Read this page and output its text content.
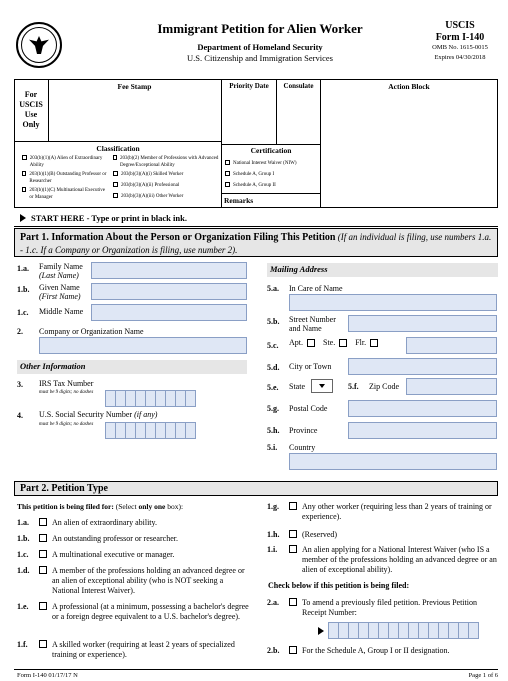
Immigrant Petition for Alien Worker
Department of Homeland Security
U.S. Citizenship and Immigration Services
USCIS
Form I-140
OMB No. 1615-0015
Expires 04/30/2018
For
USCIS
Use
Only
Fee Stamp	Priority Date	Consulate	Action Block
Classification
203(b)(1)(A) Alien of Extraordinary Ability
203(b)(1)(B) Outstanding Professor or Researcher
203(b)(1)(C) Multinational Executive or Manager
203(b)(2) Member of Professions with Advanced Degree/Exceptional Ability
203(b)(3)(A)(i) Skilled Worker
203(b)(3)(A)(ii) Professional
203(b)(3)(A)(iii) Other Worker
Certification
National Interest Waiver (NIW)
Schedule A, Group I
Schedule A, Group II
Remarks
START HERE - Type or print in black ink.
Part 1. Information About the Person or Organization Filing This Petition (If an individual is filing, use numbers 1.a. - 1.c. If a Company or Organization is filing, use number 2).
1.a. Family Name
(Last Name)
1.b. Given Name
(First Name)
1.c. Middle Name
2. Company or Organization Name
Other Information
3. IRS Tax Number
must be 9 digits; no dashes
4. U.S. Social Security Number (if any)
must be 9 digits; no dashes
Mailing Address
5.a. In Care of Name
5.b. Street Number and Name
5.c. Apt.	Ste.	Flr.
5.d. City or Town
5.e. State	5.f. Zip Code
5.g. Postal Code
5.h. Province
5.i. Country
Part 2. Petition Type
This petition is being filed for: (Select only one box):
1.a.	An alien of extraordinary ability.
1.b.	An outstanding professor or researcher.
1.c.	A multinational executive or manager.
1.d.	A member of the professions holding an advanced degree or an alien of exceptional ability (who is NOT seeking a National Interest Waiver).
1.e.	A professional (at a minimum, possessing a bachelor's degree or a foreign degree equivalent to a U.S. bachelor's degree).
1.f.	A skilled worker (requiring at least 2 years of specialized training or experience).
1.g.	Any other worker (requiring less than 2 years of training or experience).
1.h.	(Reserved)
1.i.	An alien applying for a National Interest Waiver (who IS a member of the professions holding an advanced degree or an alien of exceptional ability).
Check below if this petition is being filed:
2.a.	To amend a previously filed petition. Previous Petition Receipt Number:
2.b.	For the Schedule A, Group I or II designation.
Form I-140 01/17/17 N	Page 1 of 6
